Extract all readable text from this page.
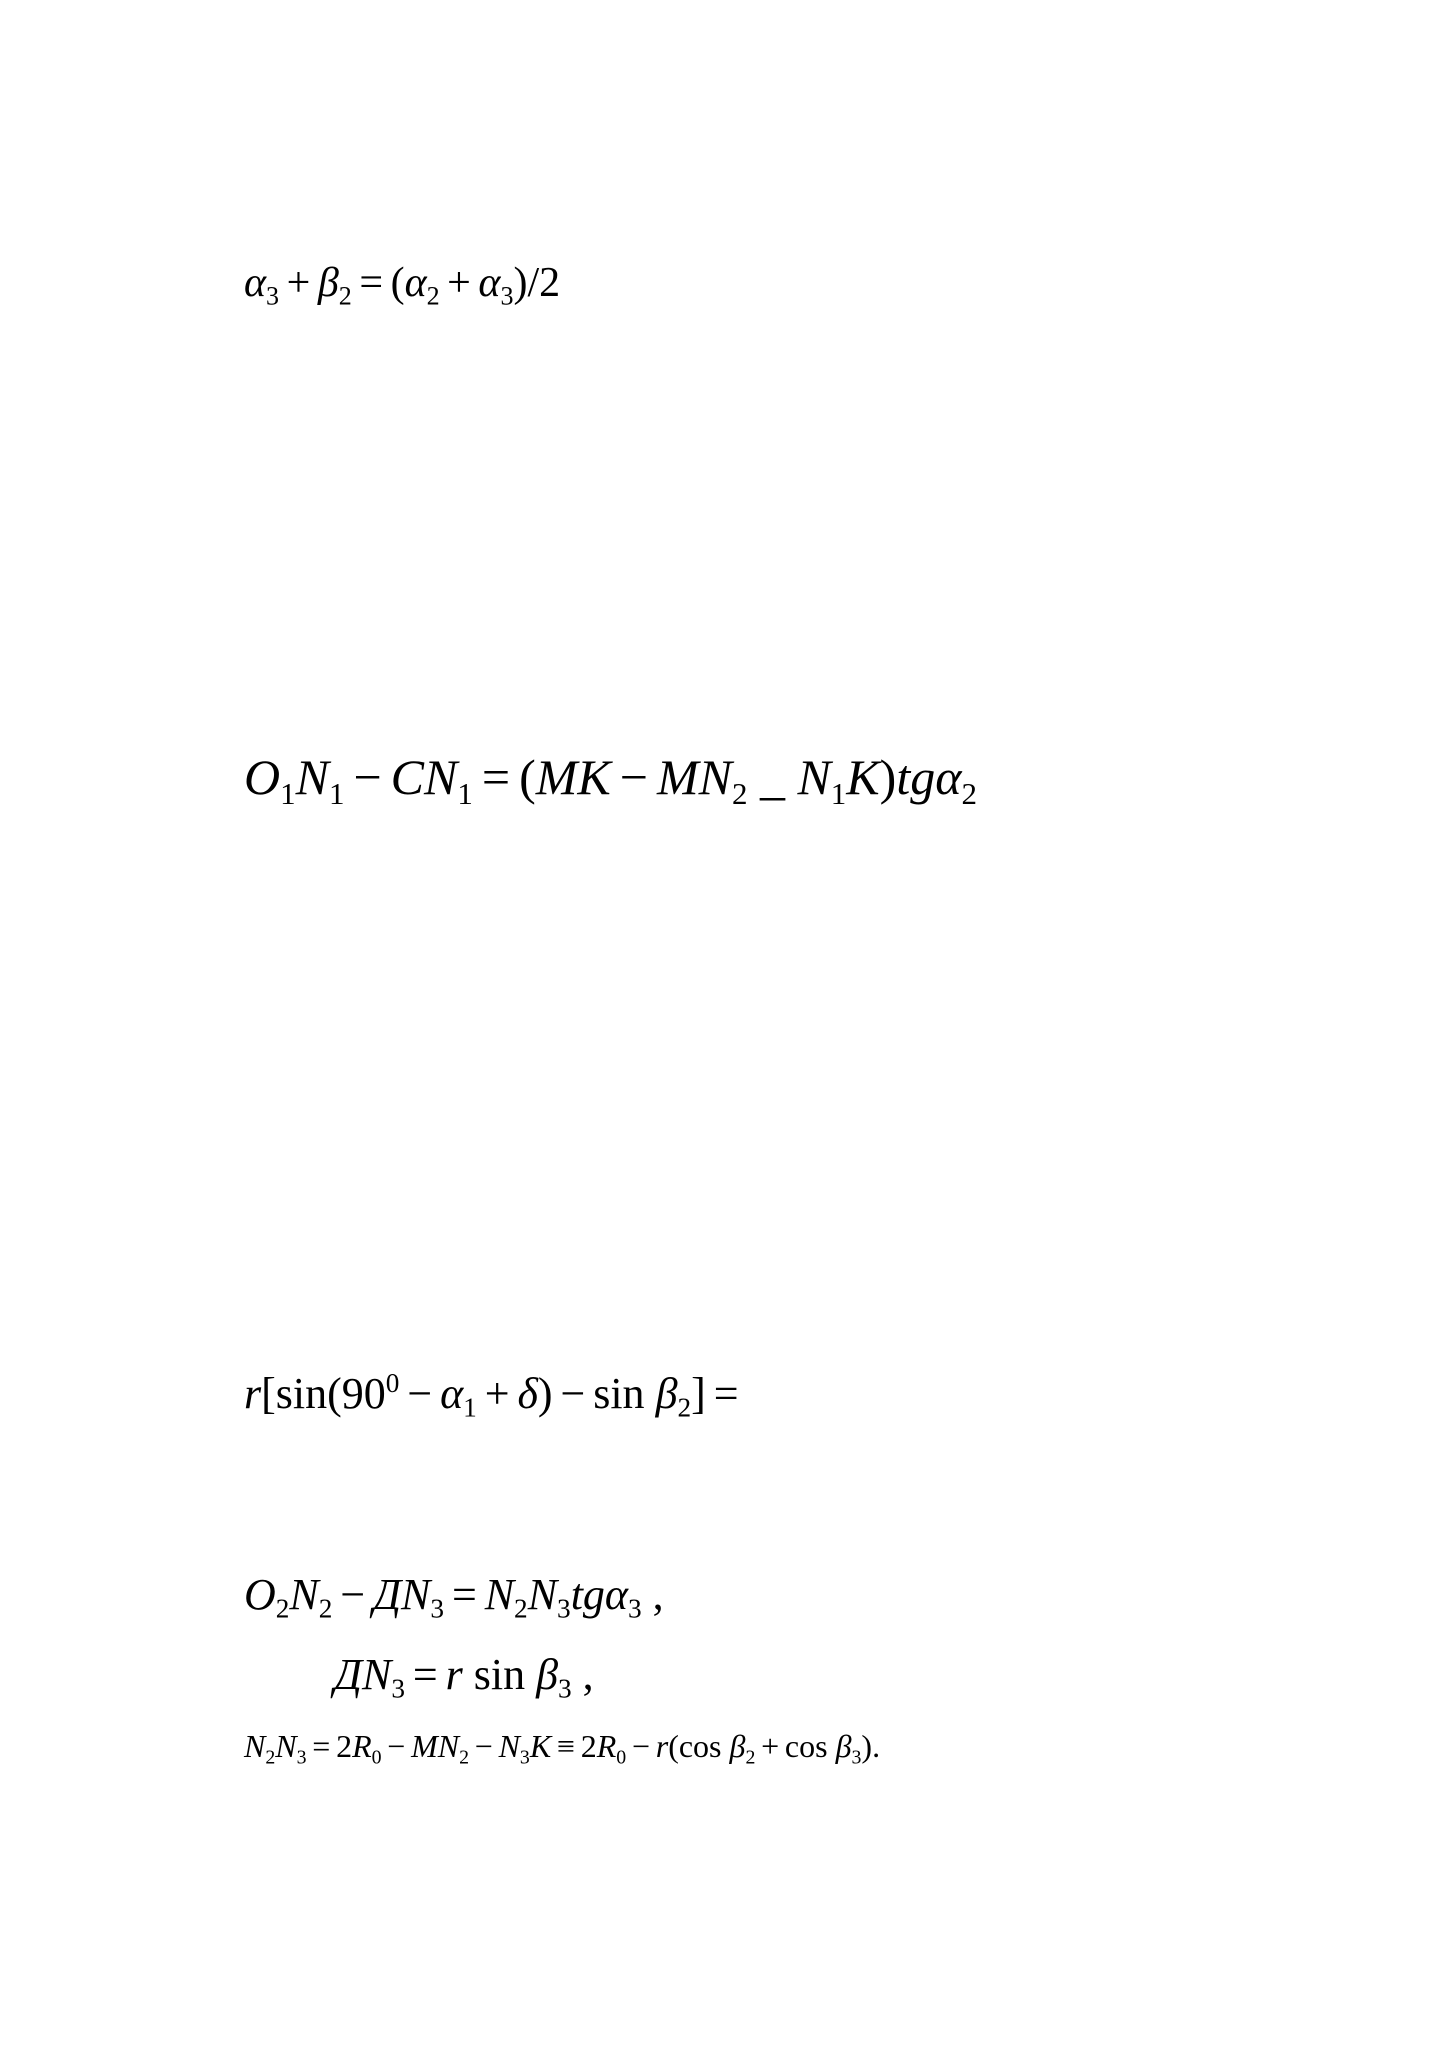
$\alpha_3 + \beta_2 = (\alpha_2 + \alpha_3)/2$
$O_1N_1 - CN_1 = (MK - MN_2$ _ $N_1K)tg\alpha_2$
$r[\sin(90^0 - \alpha_1 + \delta) - \sin \beta_2]$ =
$O_2N_2 - ДN_3 = N_2N_3tg\alpha_3$ ,
$ДN_3 = r$ $\sin \beta_3$ ,
$N_2N_3 = 2R_0 - MN_2 - N_3K \equiv 2R_0 - r(\cos$ $\beta_2 + \cos \beta_3$).
